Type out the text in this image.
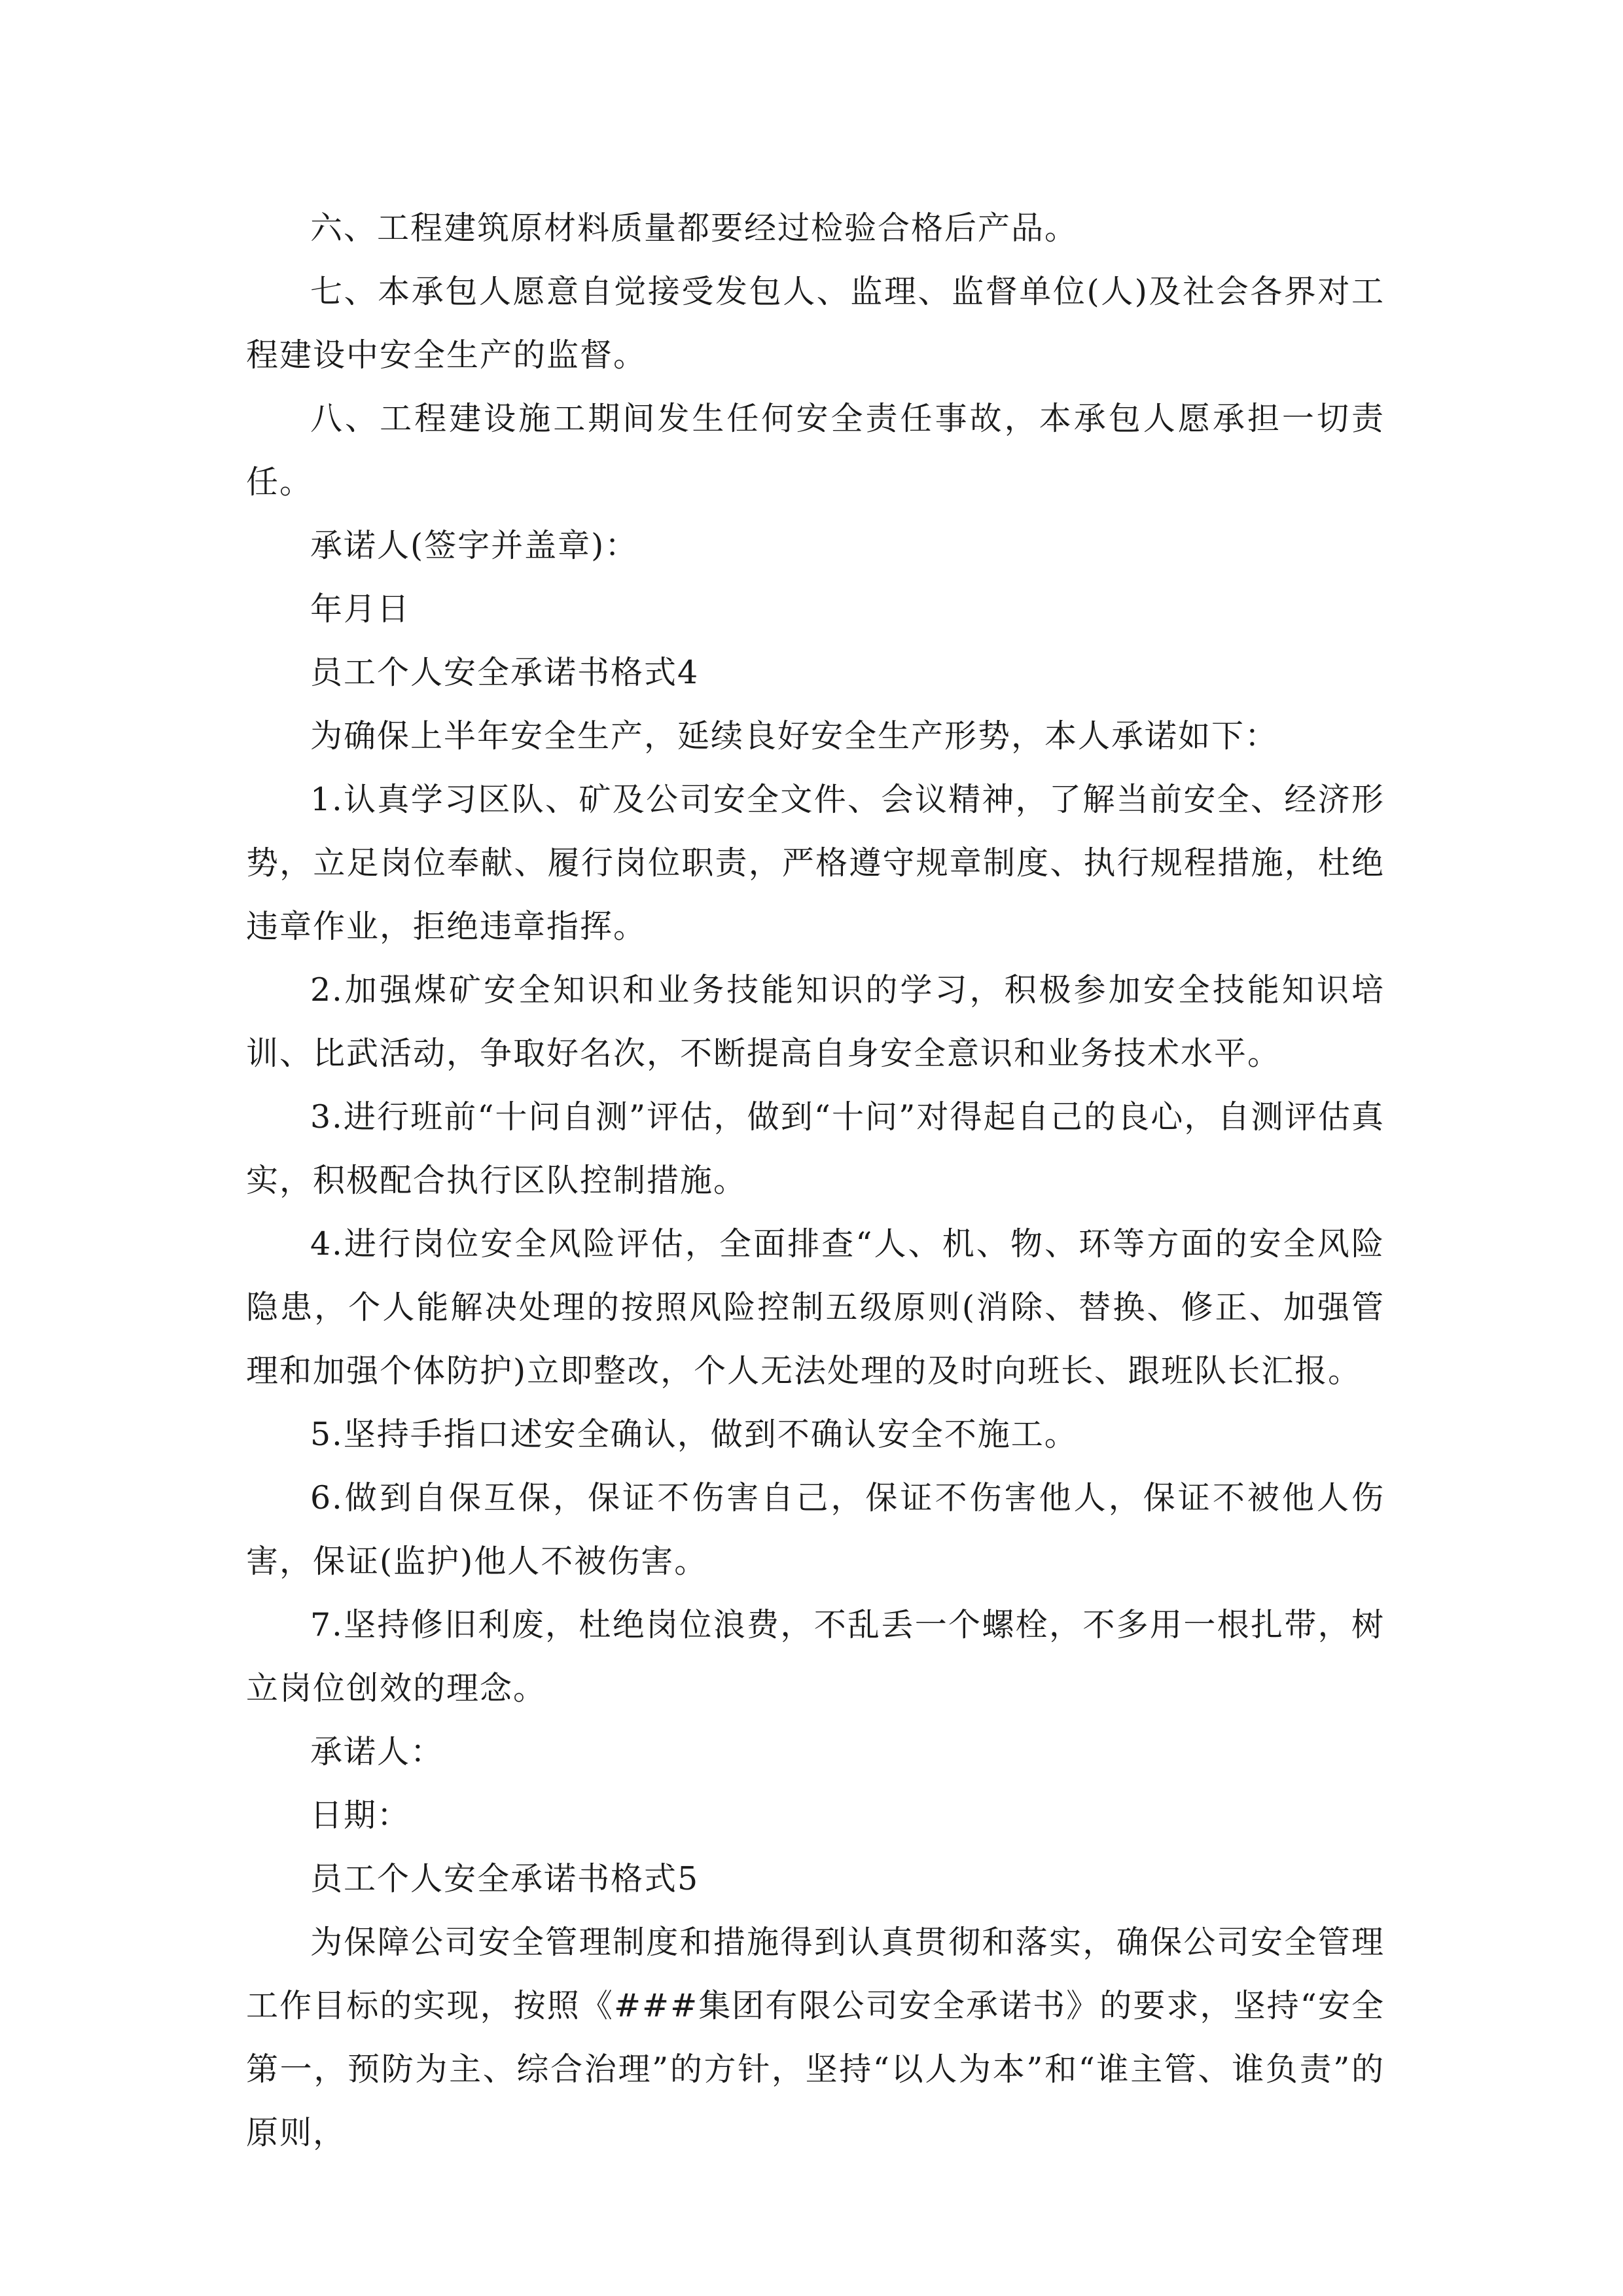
六、工程建筑原材料质量都要经过检验合格后产品。

七、本承包人愿意自觉接受发包人、监理、监督单位(人)及社会各界对工程建设中安全生产的监督。

八、工程建设施工期间发生任何安全责任事故，本承包人愿承担一切责任。

承诺人(签字并盖章)：

年月日

员工个人安全承诺书格式4

为确保上半年安全生产，延续良好安全生产形势，本人承诺如下：

1.认真学习区队、矿及公司安全文件、会议精神，了解当前安全、经济形势，立足岗位奉献、履行岗位职责，严格遵守规章制度、执行规程措施，杜绝违章作业，拒绝违章指挥。

2.加强煤矿安全知识和业务技能知识的学习，积极参加安全技能知识培训、比武活动，争取好名次，不断提高自身安全意识和业务技术水平。

3.进行班前“十问自测”评估，做到“十问”对得起自己的良心，自测评估真实，积极配合执行区队控制措施。

4.进行岗位安全风险评估，全面排查“人、机、物、环等方面的安全风险隐患，个人能解决处理的按照风险控制五级原则(消除、替换、修正、加强管理和加强个体防护)立即整改，个人无法处理的及时向班长、跟班队长汇报。

5.坚持手指口述安全确认，做到不确认安全不施工。

6.做到自保互保，保证不伤害自己，保证不伤害他人，保证不被他人伤害，保证(监护)他人不被伤害。

7.坚持修旧利废，杜绝岗位浪费，不乱丢一个螺栓，不多用一根扎带，树立岗位创效的理念。

承诺人：

日期：

员工个人安全承诺书格式5

为保障公司安全管理制度和措施得到认真贯彻和落实，确保公司安全管理工作目标的实现，按照《###集团有限公司安全承诺书》的要求，坚持“安全第一，预防为主、综合治理”的方针，坚持“以人为本”和“谁主管、谁负责”的原则，
